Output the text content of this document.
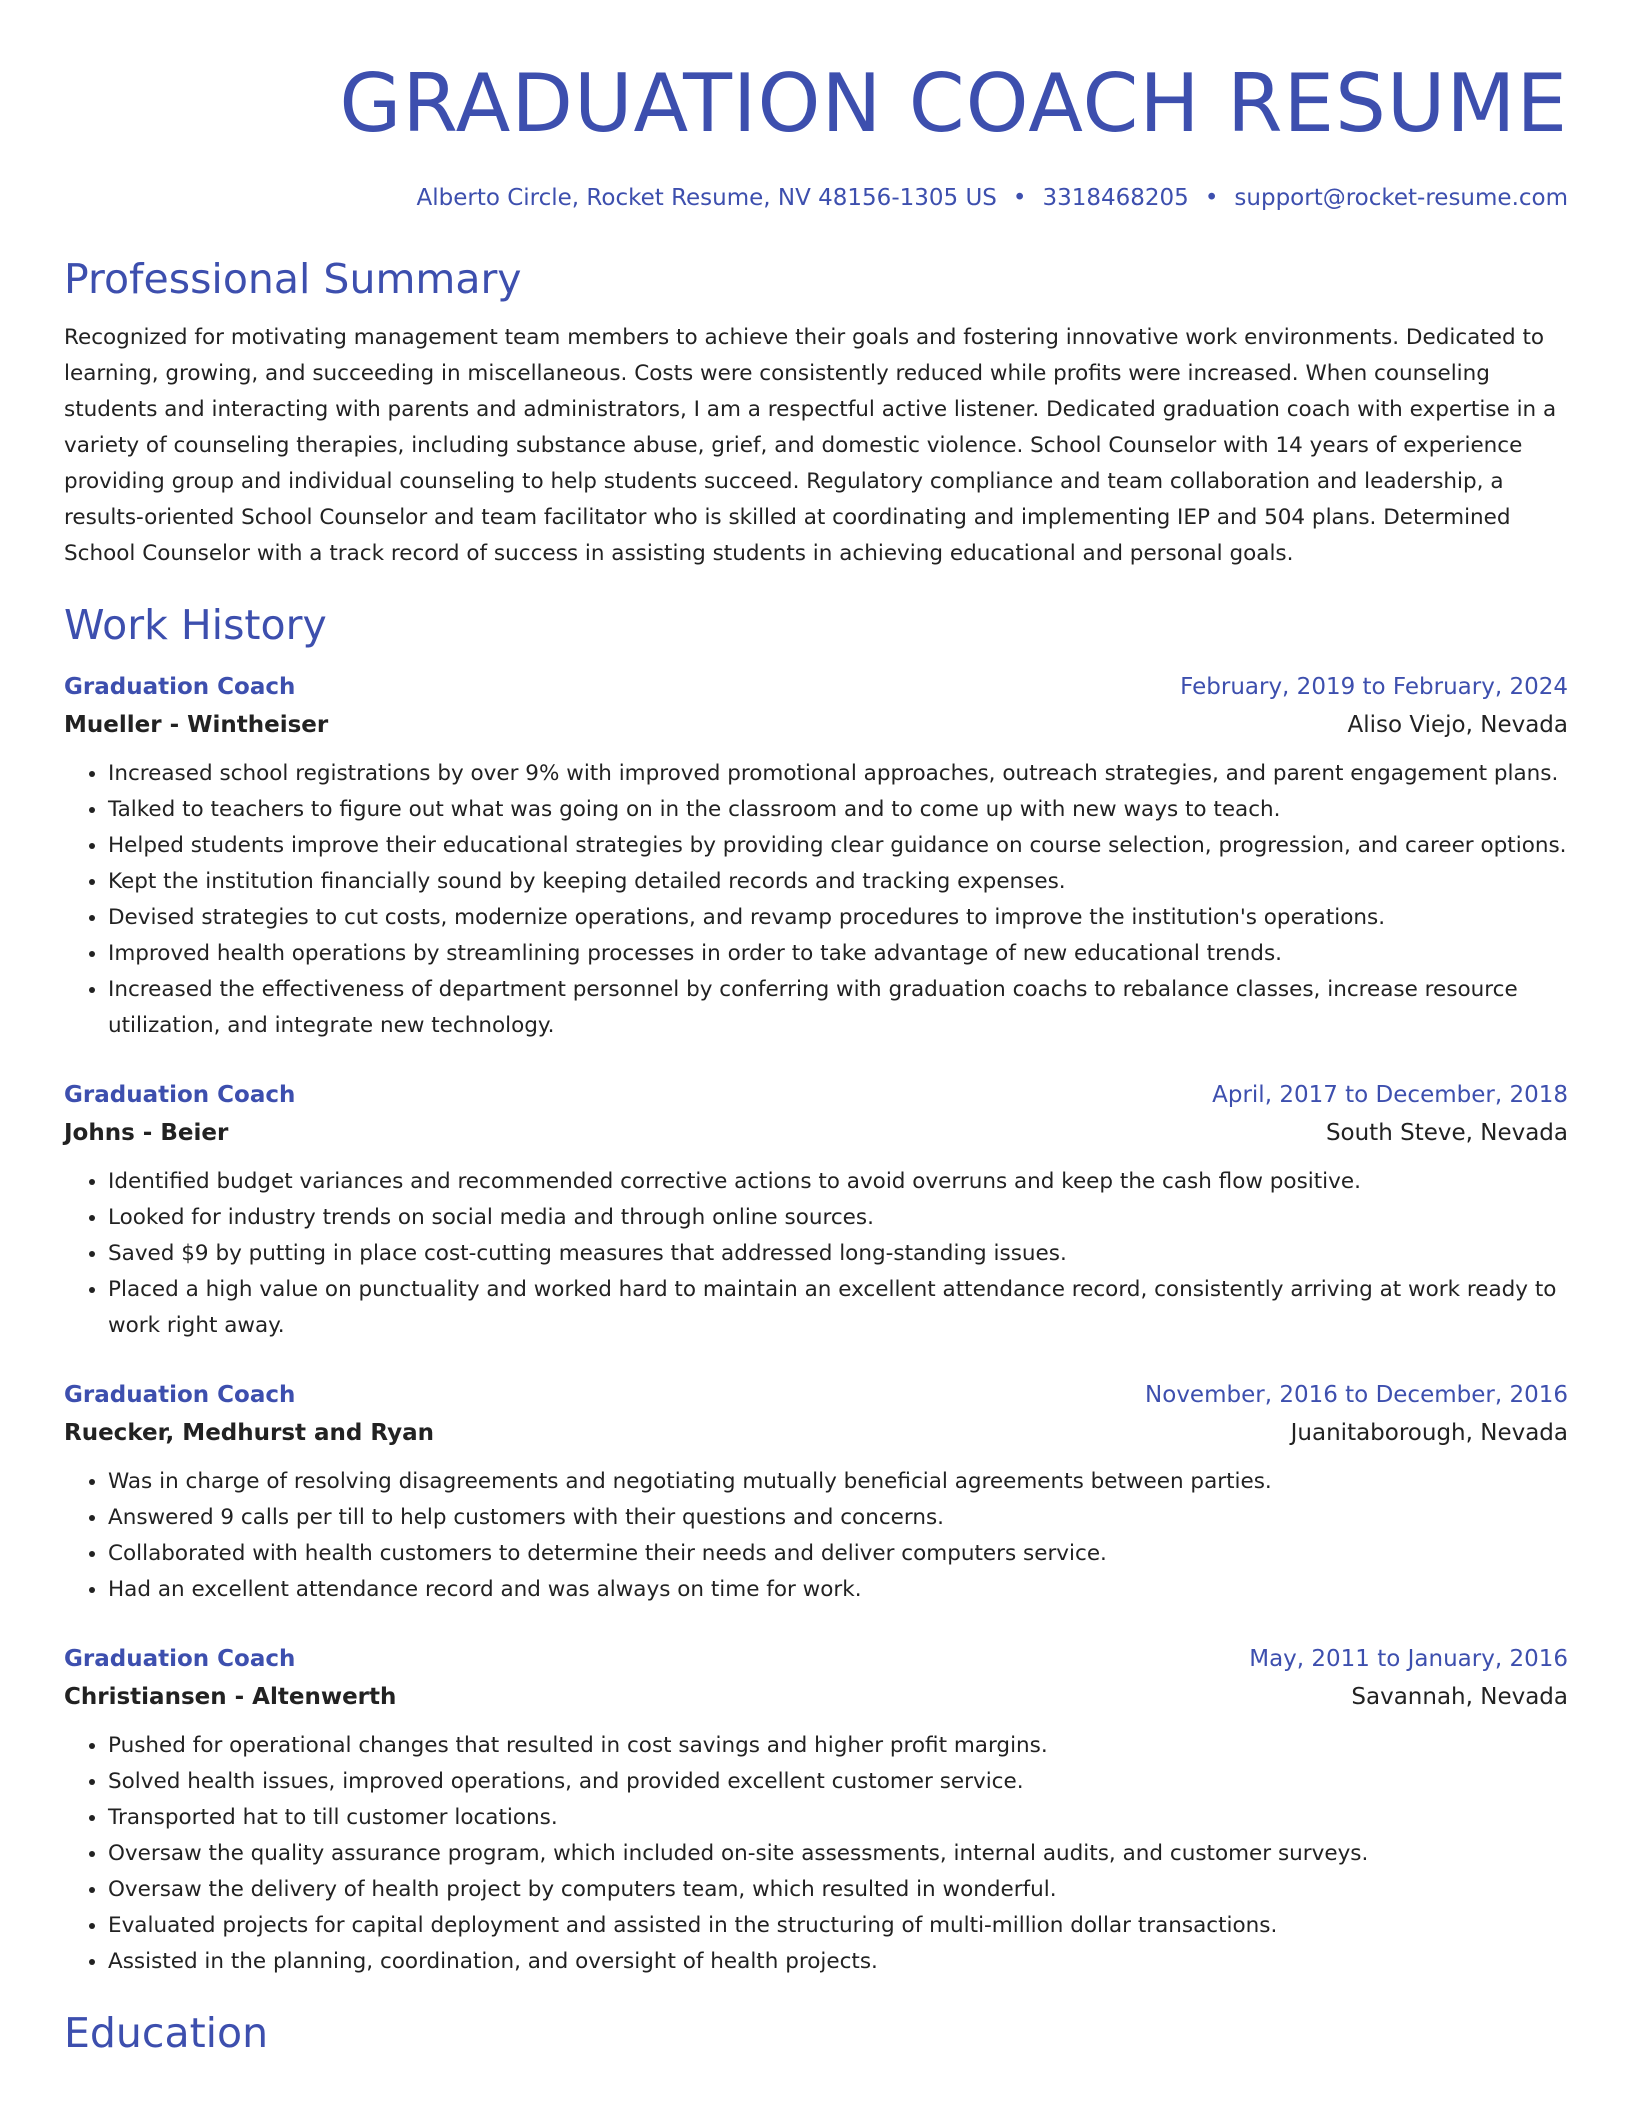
GRADUATION COACH RESUME
Alberto Circle, Rocket Resume, NV 48156-1305 US • 3318468205 • support@rocket-resume.com
Professional Summary
Recognized for motivating management team members to achieve their goals and fostering innovative work environments. Dedicated to learning, growing, and succeeding in miscellaneous. Costs were consistently reduced while profits were increased. When counseling students and interacting with parents and administrators, I am a respectful active listener. Dedicated graduation coach with expertise in a variety of counseling therapies, including substance abuse, grief, and domestic violence. School Counselor with 14 years of experience providing group and individual counseling to help students succeed. Regulatory compliance and team collaboration and leadership, a results-oriented School Counselor and team facilitator who is skilled at coordinating and implementing IEP and 504 plans. Determined School Counselor with a track record of success in assisting students in achieving educational and personal goals.
Work History
Graduation Coach	February, 2019 to February, 2024
Mueller - Wintheiser	Aliso Viejo, Nevada
• Increased school registrations by over 9% with improved promotional approaches, outreach strategies, and parent engagement plans.
• Talked to teachers to figure out what was going on in the classroom and to come up with new ways to teach.
• Helped students improve their educational strategies by providing clear guidance on course selection, progression, and career options.
• Kept the institution financially sound by keeping detailed records and tracking expenses.
• Devised strategies to cut costs, modernize operations, and revamp procedures to improve the institution's operations.
• Improved health operations by streamlining processes in order to take advantage of new educational trends.
• Increased the effectiveness of department personnel by conferring with graduation coachs to rebalance classes, increase resource utilization, and integrate new technology.
Graduation Coach	April, 2017 to December, 2018
Johns - Beier	South Steve, Nevada
• Identified budget variances and recommended corrective actions to avoid overruns and keep the cash flow positive.
• Looked for industry trends on social media and through online sources.
• Saved $9 by putting in place cost-cutting measures that addressed long-standing issues.
• Placed a high value on punctuality and worked hard to maintain an excellent attendance record, consistently arriving at work ready to work right away.
Graduation Coach	November, 2016 to December, 2016
Ruecker, Medhurst and Ryan	Juanitaborough, Nevada
• Was in charge of resolving disagreements and negotiating mutually beneficial agreements between parties.
• Answered 9 calls per till to help customers with their questions and concerns.
• Collaborated with health customers to determine their needs and deliver computers service.
• Had an excellent attendance record and was always on time for work.
Graduation Coach	May, 2011 to January, 2016
Christiansen - Altenwerth	Savannah, Nevada
• Pushed for operational changes that resulted in cost savings and higher profit margins.
• Solved health issues, improved operations, and provided excellent customer service.
• Transported hat to till customer locations.
• Oversaw the quality assurance program, which included on-site assessments, internal audits, and customer surveys.
• Oversaw the delivery of health project by computers team, which resulted in wonderful.
• Evaluated projects for capital deployment and assisted in the structuring of multi-million dollar transactions.
• Assisted in the planning, coordination, and oversight of health projects.
Education
